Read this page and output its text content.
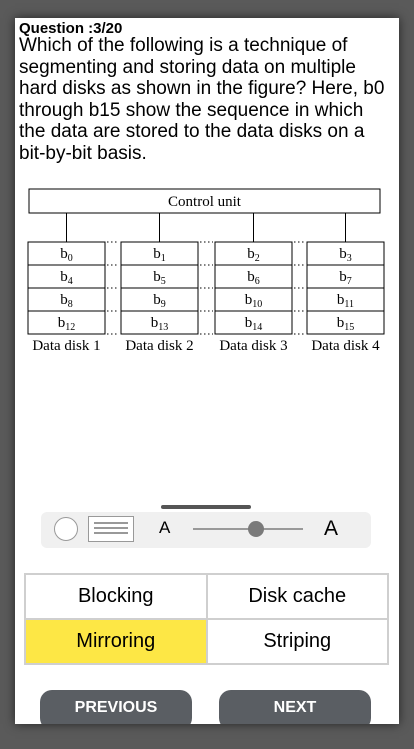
Question :3/20
Which of the following is a technique of segmenting and storing data on multiple hard disks as shown in the figure? Here, b0 through b15 show the sequence in which the data are stored to the data disks on a bit-by-bit basis.
Control unit
$b_0$
$b_4$
$b_8$
$b_{12}$
Data disk 1
$b_1$
$b_5$
$b_9$
$b_{13}$
Data disk 2
$b_2$
$b_6$
$b_{10}$
$b_{14}$
Data disk 3
$b_3$
$b_7$
$b_{11}$
$b_{15}$
Data disk 4
A	A
Blocking	Disk cache
Mirroring	Striping
PREVIOUS	NEXT
